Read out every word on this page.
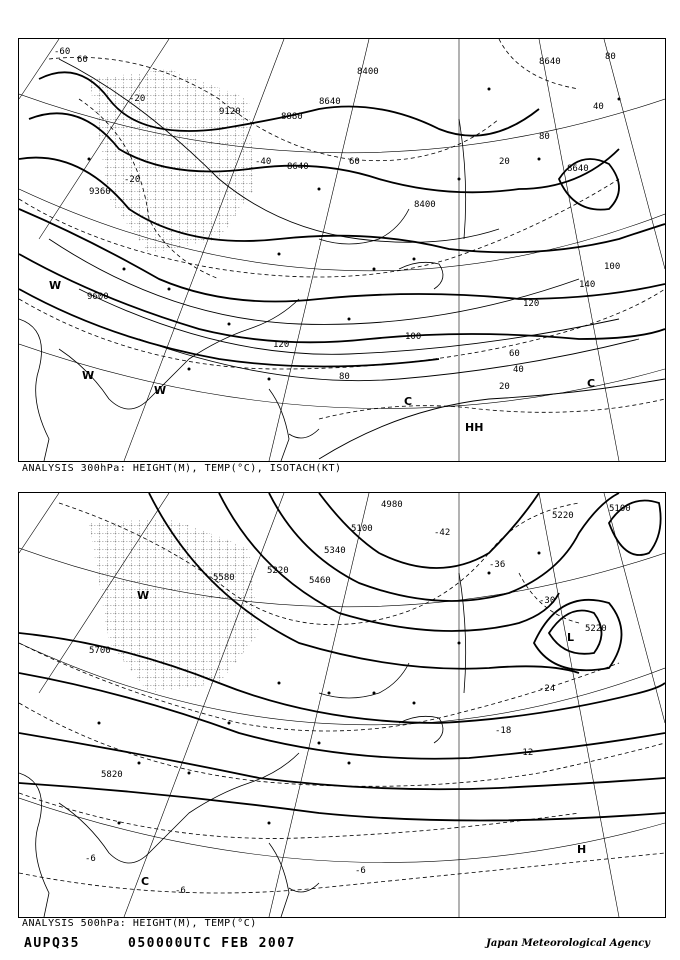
8400
8640
8640
9120	8880
8640
9360
9600
8400
8640	60
80
100
120
140
120
100
80
60
40
20
20
40
60	80
-60
-20
-40
-20
W
W
W
C
C
HH
ANALYSIS 300hPa: HEIGHT(M), TEMP(°C), ISOTACH(KT)
4980
5100
5220
5100
5220
5580	5460
5340
5700
5820
5220
-42
-36
-30
-24
-18
-12
-6
-6
-6
L
H
C
W
ANALYSIS 500hPa: HEIGHT(M), TEMP(°C)
AUPQ35	050000UTC FEB 2007	Japan Meteorological Agency
